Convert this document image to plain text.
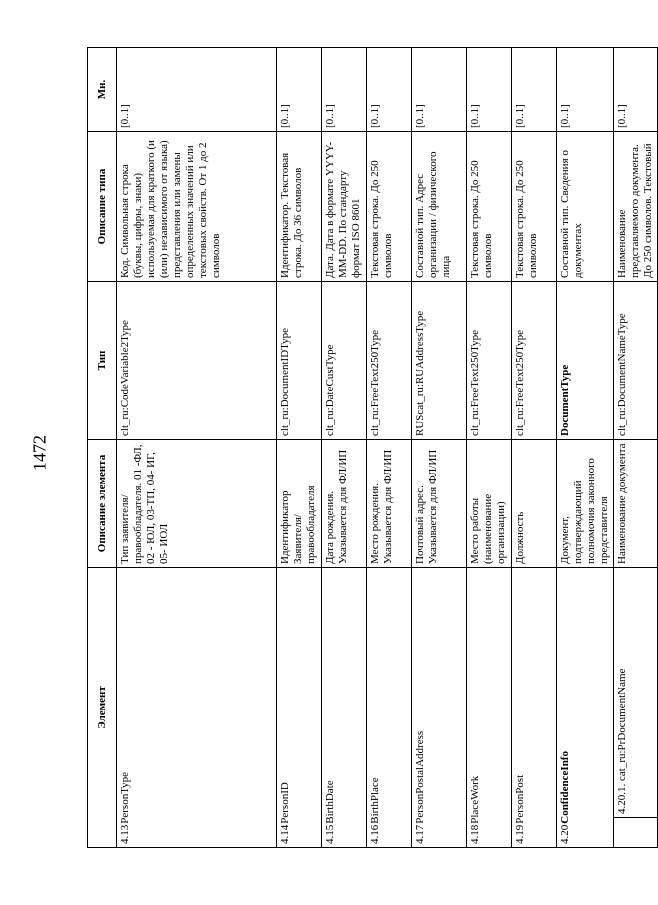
1472
Элемент		Описание элемента	Тип	Описание типа	Мн.
4.13PersonType		Тип заявителя/правообладателя. 01 -ФЛ, 02 - ЮЛ, 03-ТП, 04- ИГ, 05- ИОЛ	clt_ru:CodeVariable2Type	Код. Символьная строка (буквы, цифры, знаки) используемая для краткого (и (или) независимого от языка) представления или замены определенных значений или текстовых свойств. От 1 до 2 символов	[0..1]
4.14PersonID		Идентификатор Заявителя/правообладателя	clt_ru:DocumentIDType	Идентификатор. Текстовая строка. До 36 символов	[0..1]
4.15BirthDate		Дата рождения. Указывается для ФЛ/ИП	clt_ru:DateCustType	Дата. Дата в формате YYYY-MM-DD. По стандарту формат ISO 8601	[0..1]
4.16BirthPlace		Место рождения. Указывается для ФЛ/ИП	clt_ru:FreeText250Type	Текстовая строка. До 250 символов	[0..1]
4.17PersonPostalAddress		Почтовый адрес. Указывается для ФЛ/ИП	RUScat_ru:RUAddressType	Составной тип. Адрес организации / физического лица	[0..1]
4.18PlaceWork		Место работы (наименование организации)	clt_ru:FreeText250Type	Текстовая строка. До 250 символов	[0..1]
4.19PersonPost		Должность	clt_ru:FreeText250Type	Текстовая строка. До 250 символов	[0..1]
4.20ConfidenceInfo		Документ, подтверждающий полномочия законного представителя	DocumentType	Составной тип. Сведения о документах	[0..1]
	4.20.1. cat_ru:PrDocumentName	Наименование документа	clt_ru:DocumentNameType	Наименование представляемого документа. До 250 символов. Текстовый	[0..1]
